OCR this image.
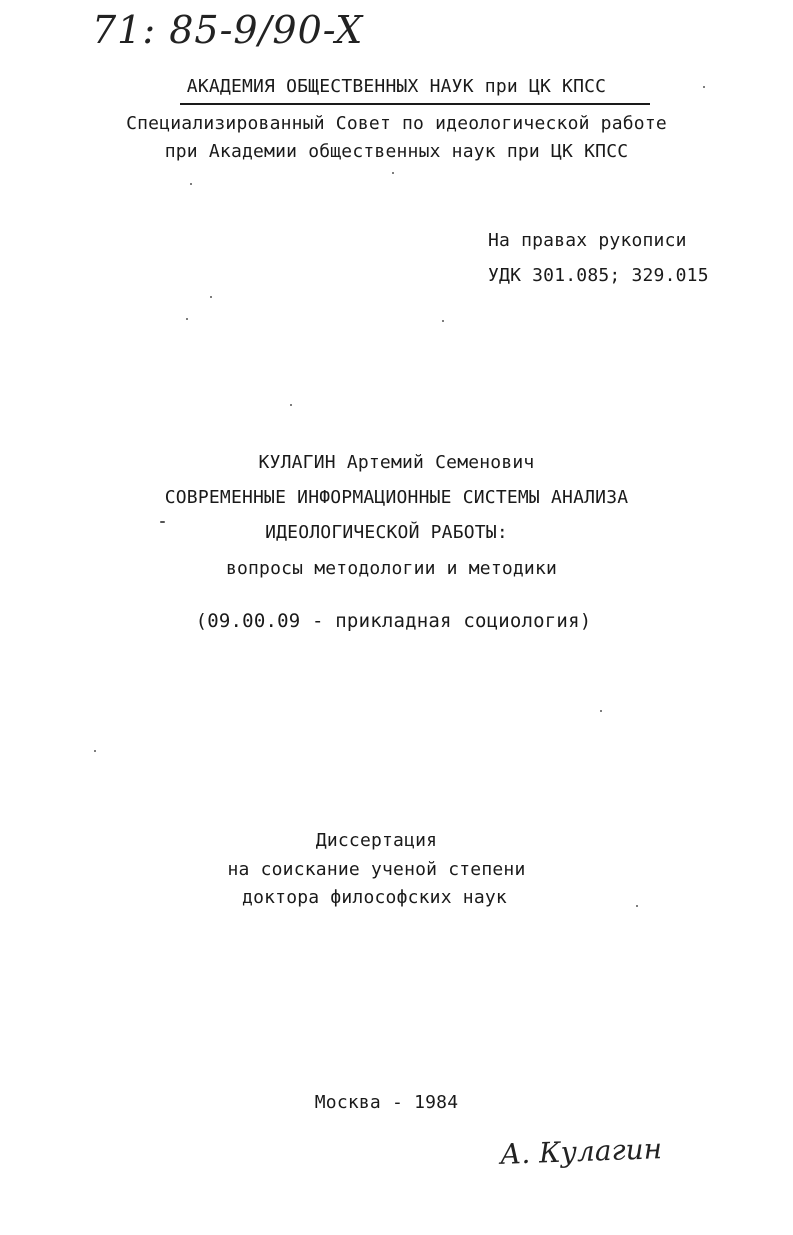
71: 85-9/90-X
АКАДЕМИЯ ОБЩЕСТВЕННЫХ НАУК при ЦК КПСС
Специализированный Совет по идеологической работе
при Академии общественных наук при ЦК КПСС
На правах рукописи
УДК 301.085; 329.015
КУЛАГИН Артемий Семенович
СОВРЕМЕННЫЕ ИНФОРМАЦИОННЫЕ СИСТЕМЫ АНАЛИЗА
ИДЕОЛОГИЧЕСКОЙ РАБОТЫ:
вопросы методологии и методики
(09.00.09 - прикладная социология)
Диссертация
на соискание ученой степени
доктора философских наук
Москва - 1984
А. Кулагин
